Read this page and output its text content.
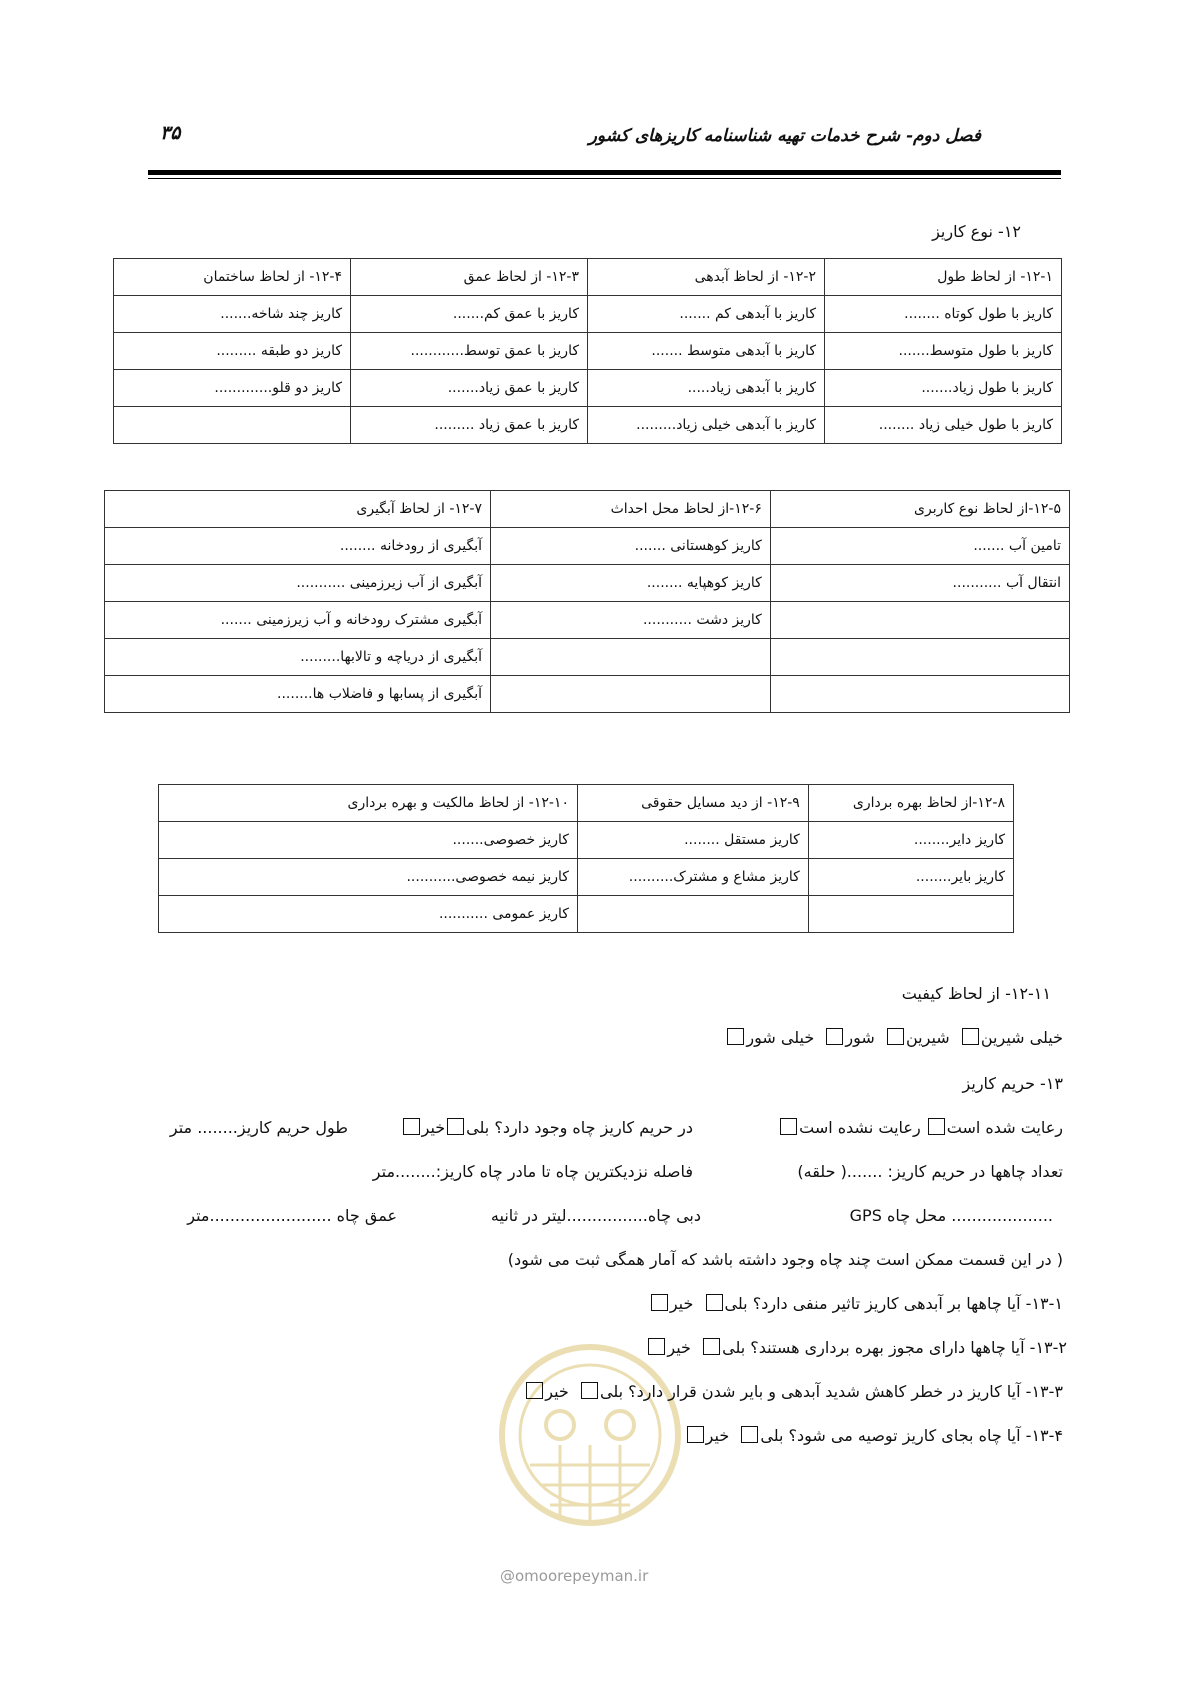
۳۵	فصل دوم- شرح خدمات تهیه شناسنامه کاریزهای کشور
۱۲- نوع کاریز
۱۲-۱- از لحاظ طول	۱۲-۲- از لحاظ آبدهی	۱۲-۳- از لحاظ عمق	۱۲-۴- از لحاظ ساختمان
کاریز با طول کوتاه ........	کاریز با آبدهی کم .......	کاریز با عمق کم.......	کاریز چند شاخه.......
کاریز با طول متوسط.......	کاریز با آبدهی متوسط .......	کاریز با عمق توسط............	کاریز دو طبقه .........
کاریز با طول زیاد.......	کاریز با آبدهی زیاد.....	کاریز با عمق زیاد.......	کاریز دو قلو.............
کاریز با طول خیلی زیاد ........	کاریز با آبدهی خیلی زیاد.........	کاریز با عمق زیاد .........	
۱۲-۵-از لحاظ نوع کاربری	۱۲-۶-از لحاظ محل احداث	۱۲-۷- از لحاظ آبگیری
تامین آب .......	کاریز کوهستانی .......	آبگیری از رودخانه ........
انتقال آب ...........	کاریز کوهپایه ........	آبگیری از آب زیرزمینی ...........
	کاریز دشت ...........	آبگیری مشترک رودخانه و آب زیرزمینی .......
		آبگیری از دریاچه و تالابها.........
		آبگیری از پسابها و فاضلاب ها........
۱۲-۸-از لحاظ بهره برداری	۱۲-۹- از دید مسایل حقوقی	۱۲-۱۰- از لحاظ مالکیت و بهره برداری
کاریز دایر........	کاریز مستقل ........	کاریز خصوصی.......
کاریز بایر........	کاریز مشاع و مشترک..........	کاریز نیمه خصوصی...........
		کاریز عمومی ...........
@omoorepeyman.ir
۱۲-۱۱- از لحاظ کیفیت
خیلی شیرین  شیرین  شور  خیلی شور
۱۳- حریم کاریز
رعایت شده است رعایت نشده است
در حریم کاریز چاه وجود دارد؟ بلیخیر
طول حریم کاریز........ متر
تعداد چاهها در حریم کاریز: .......( حلقه)
فاصله نزدیکترین چاه تا مادر چاه کاریز:........متر
GPS محل چاه ....................
دبی چاه................لیتر در ثانیه
عمق چاه ........................متر
( در این قسمت ممکن است چند چاه وجود داشته باشد که آمار همگی ثبت می شود)
۱۳-۱- آیا چاهها بر آبدهی کاریز تاثیر منفی دارد؟ بلی  خیر
۱۳-۲- آیا چاهها دارای مجوز بهره برداری هستند؟ بلی  خیر
۱۳-۳- آیا کاریز در خطر کاهش شدید آبدهی و بایر شدن قرار دارد؟ بلی  خیر
۱۳-۴- آیا چاه بجای کاریز توصیه می شود؟ بلی  خیر
